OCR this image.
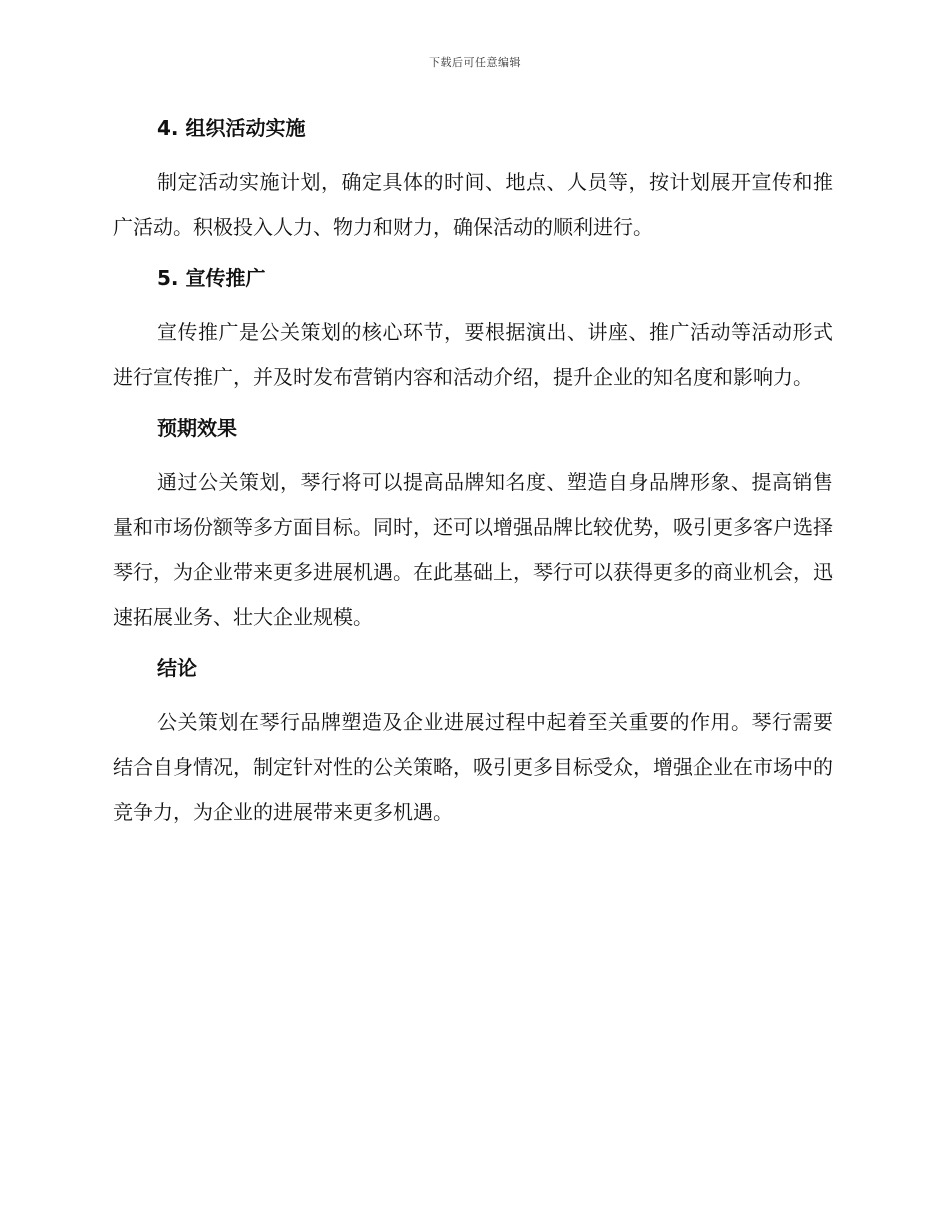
下载后可任意编辑
4. 组织活动实施

制定活动实施计划，确定具体的时间、地点、人员等，按计划展开宣传和推广活动。积极投入人力、物力和财力，确保活动的顺利进行。

5. 宣传推广

宣传推广是公关策划的核心环节，要根据演出、讲座、推广活动等活动形式进行宣传推广，并及时发布营销内容和活动介绍，提升企业的知名度和影响力。

预期效果

通过公关策划，琴行将可以提高品牌知名度、塑造自身品牌形象、提高销售量和市场份额等多方面目标。同时，还可以增强品牌比较优势，吸引更多客户选择琴行，为企业带来更多进展机遇。在此基础上，琴行可以获得更多的商业机会，迅速拓展业务、壮大企业规模。

结论

公关策划在琴行品牌塑造及企业进展过程中起着至关重要的作用。琴行需要结合自身情况，制定针对性的公关策略，吸引更多目标受众，增强企业在市场中的竞争力，为企业的进展带来更多机遇。
